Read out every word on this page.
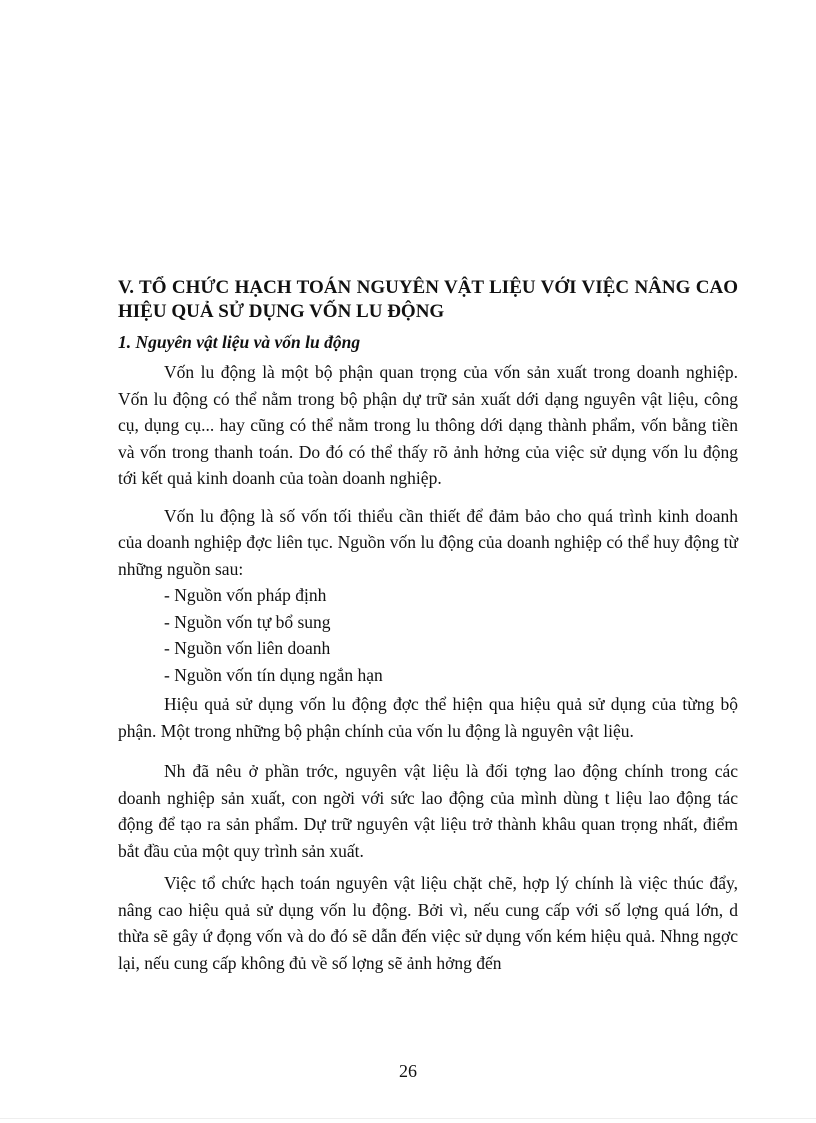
V. TỔ CHỨC HẠCH TOÁN NGUYÊN VẬT LIỆU VỚI VIỆC NÂNG CAO HIỆU QUẢ SỬ DỤNG VỐN LU ĐỘNG
1. Nguyên vật liệu và vốn lu động

Vốn lu động là một bộ phận quan trọng của vốn sản xuất trong doanh nghiệp. Vốn lu động có thể nằm trong bộ phận dự trữ sản xuất dới dạng nguyên vật liệu, công cụ, dụng cụ... hay cũng có thể nằm trong lu thông dới dạng thành phẩm, vốn bằng tiền và vốn trong thanh toán. Do đó có thể thấy rõ ảnh hởng của việc sử dụng vốn lu động tới kết quả kinh doanh của toàn doanh nghiệp.

Vốn lu động là số vốn tối thiểu cần thiết để đảm bảo cho quá trình kinh doanh của doanh nghiệp đợc liên tục. Nguồn vốn lu động của doanh nghiệp có thể huy động từ những nguồn sau:

- Nguồn vốn pháp định
- Nguồn vốn tự bổ sung
- Nguồn vốn liên doanh
- Nguồn vốn tín dụng ngắn hạn

Hiệu quả sử dụng vốn lu động đợc thể hiện qua hiệu quả sử dụng của từng bộ phận. Một trong những bộ phận chính của vốn lu động là nguyên vật liệu.

Nh đã nêu ở phần trớc, nguyên vật liệu là đối tợng lao động chính trong các doanh nghiệp sản xuất, con ngời với sức lao động của mình dùng t liệu lao động tác động để tạo ra sản phẩm. Dự trữ nguyên vật liệu trở thành khâu quan trọng nhất, điểm bắt đầu của một quy trình sản xuất.

Việc tổ chức hạch toán nguyên vật liệu chặt chẽ, hợp lý chính là việc thúc đẩy, nâng cao hiệu quả sử dụng vốn lu động. Bởi vì, nếu cung cấp với số lợng quá lớn, d thừa sẽ gây ứ đọng vốn và do đó sẽ dẫn đến việc sử dụng vốn kém hiệu quả. Nhng ngợc lại, nếu cung cấp không đủ về số lợng sẽ ảnh hởng đến

26
